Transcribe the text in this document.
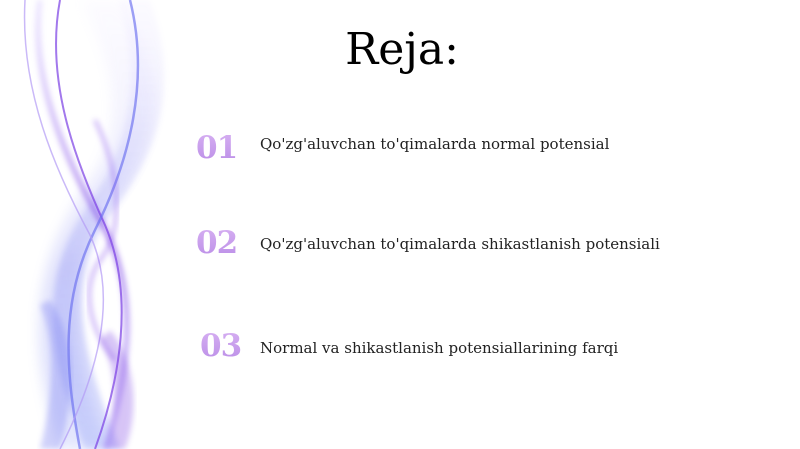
Reja:
01	Qo'zg'aluvchan to'qimalarda normal potensial
02	Qo'zg'aluvchan to'qimalarda shikastlanish potensiali
03	Normal va shikastlanish potensiallarining farqi
